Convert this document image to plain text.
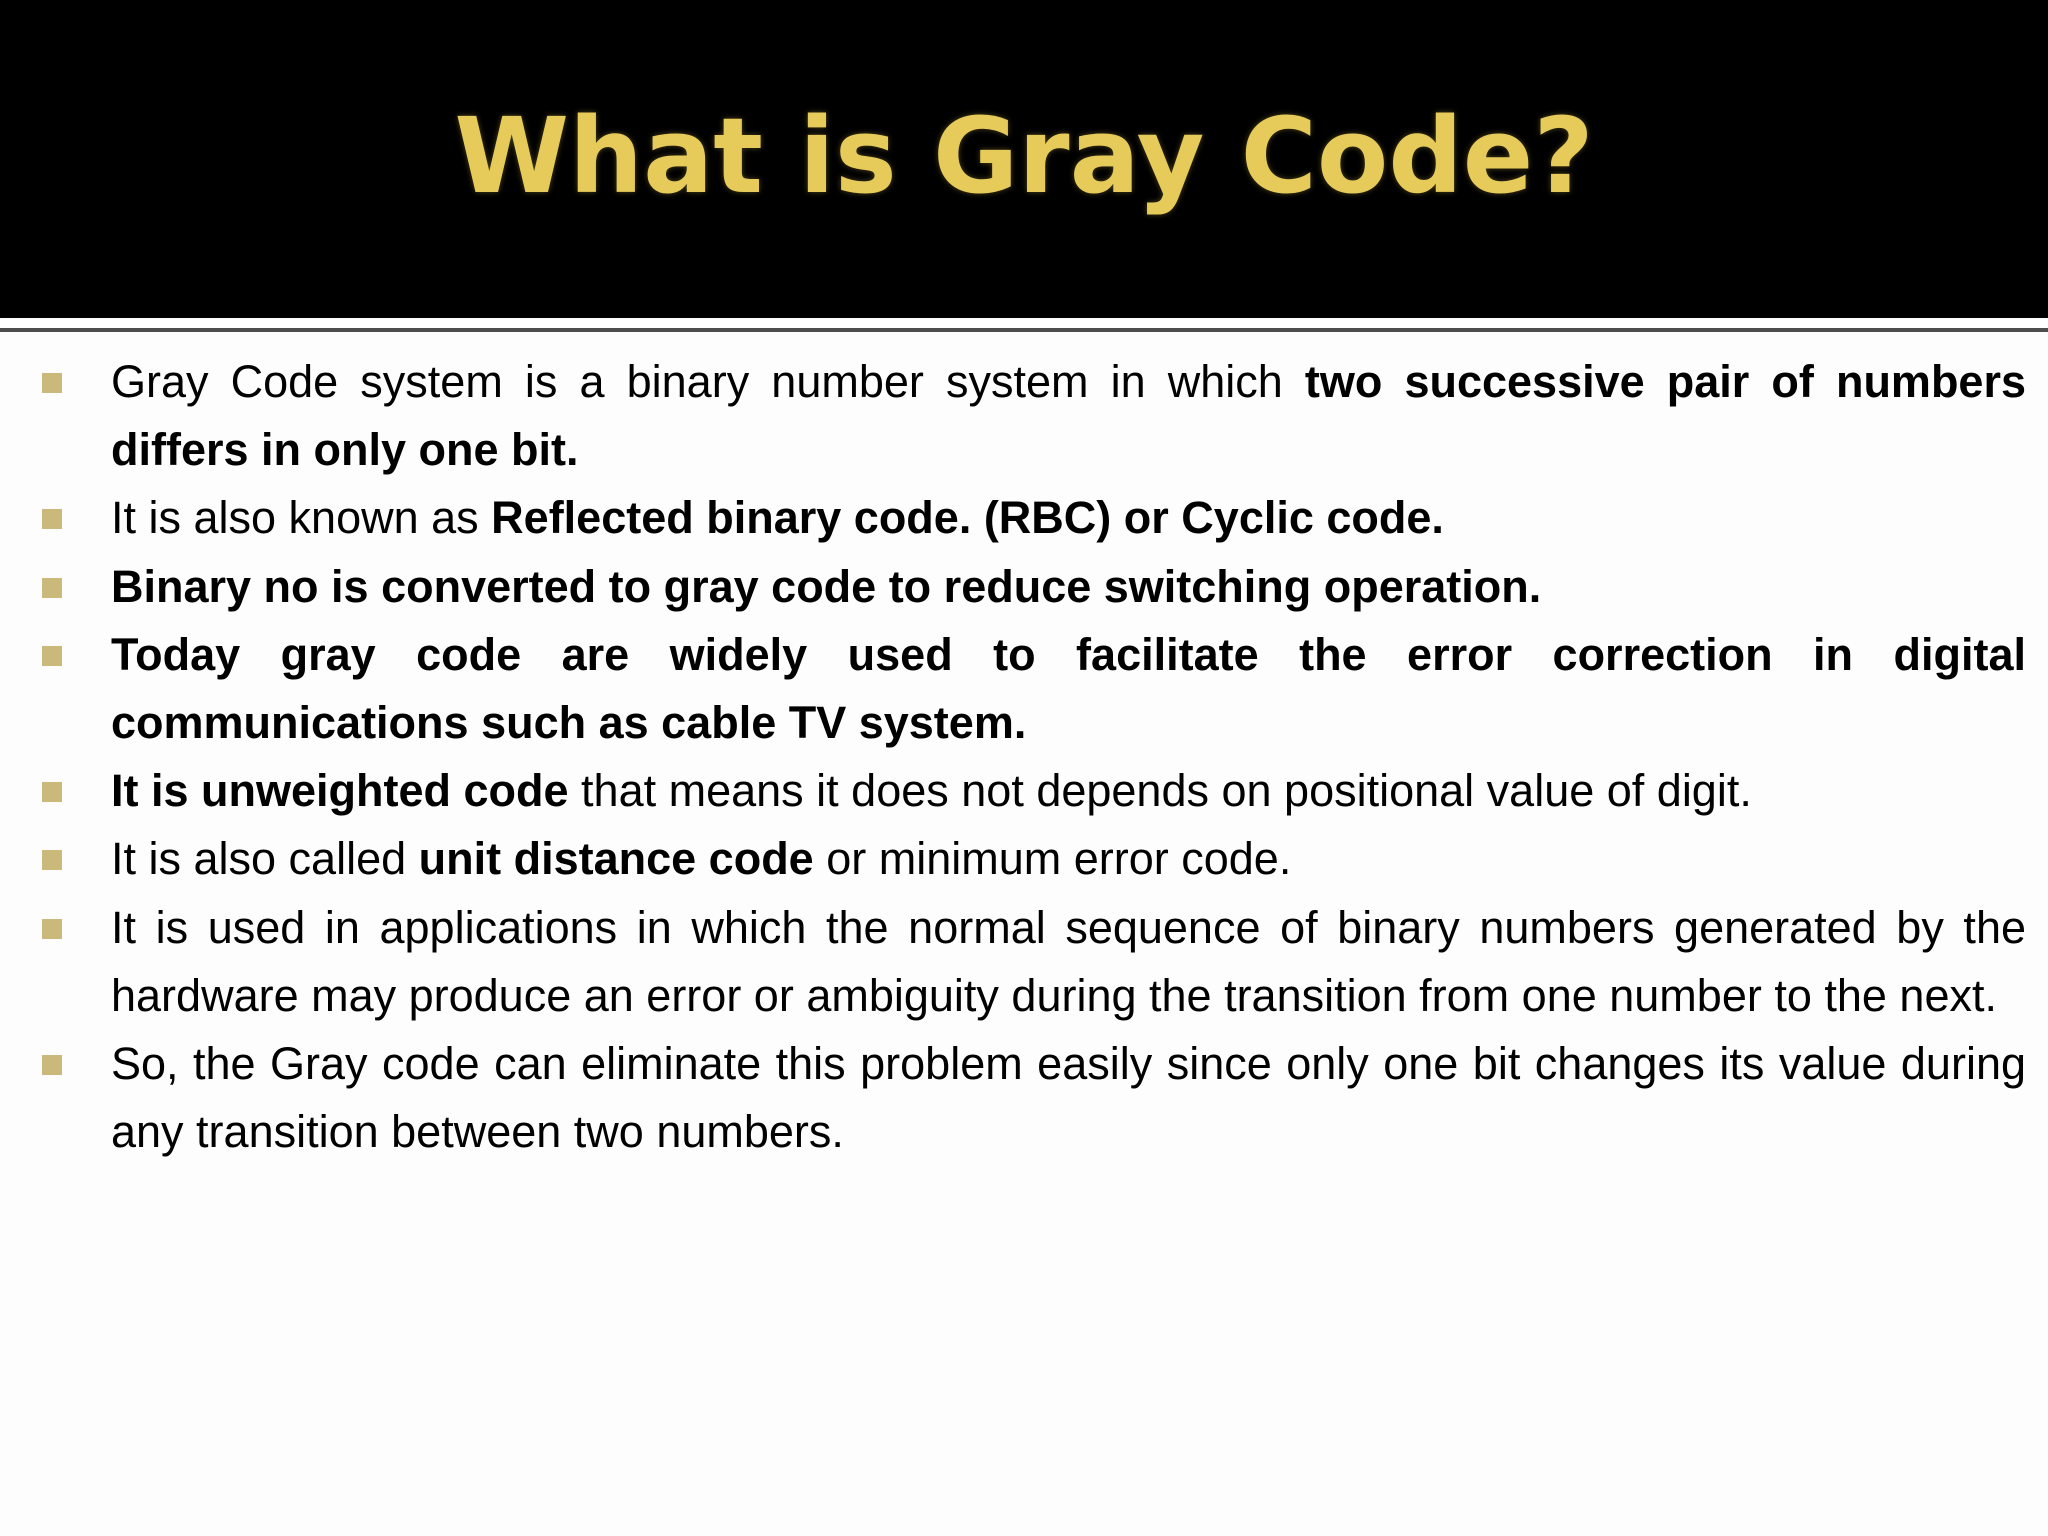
What is Gray Code?
Gray Code system is a binary number system in which two successive pair of numbers differs in only one bit.
It is also known as Reflected binary code. (RBC) or Cyclic code.
Binary no is converted to gray code to reduce switching operation.
Today gray code are widely used to facilitate the error correction in digital communications such as cable TV system.
It is unweighted code that means it does not depends on positional value of digit.
It is also called unit distance code or minimum error code.
It is used in applications in which the normal sequence of binary numbers generated by the hardware may produce an error or ambiguity during the transition from one number to the next.
So, the Gray code can eliminate this problem easily since only one bit changes its value during any transition between two numbers.
